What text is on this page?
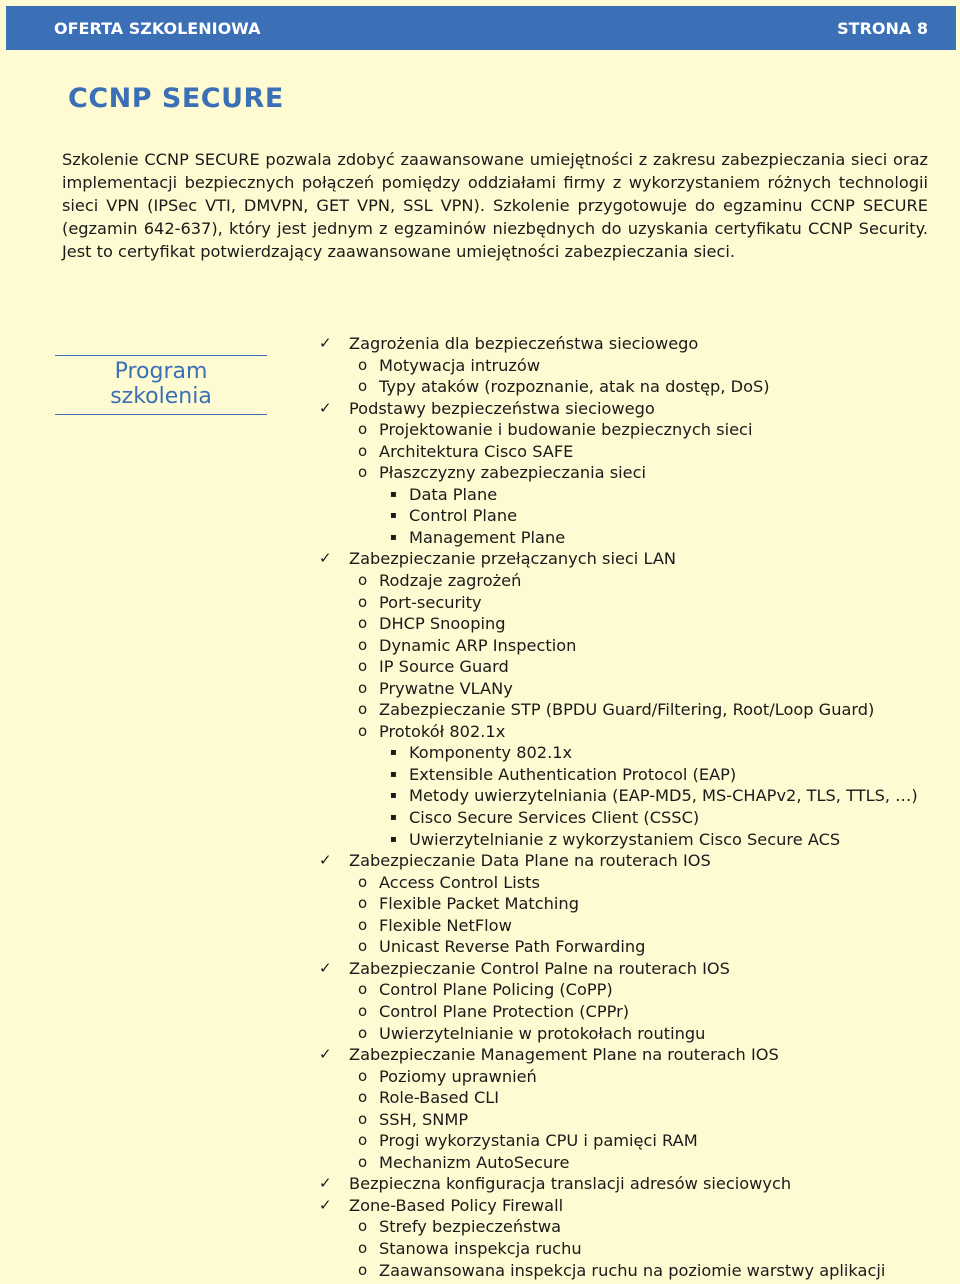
OFERTA SZKOLENIOWA	STRONA 8
CCNP SECURE

Szkolenie CCNP SECURE pozwala zdobyć zaawansowane umiejętności z zakresu zabezpieczania sieci oraz implementacji bezpiecznych połączeń pomiędzy oddziałami firmy z wykorzystaniem różnych technologii sieci VPN (IPSec VTI, DMVPN, GET VPN, SSL VPN). Szkolenie przygotowuje do egzaminu CCNP SECURE (egzamin 642-637), który jest jednym z egzaminów niezbędnych do uzyskania certyfikatu CCNP Security. Jest to certyfikat potwierdzający zaawansowane umiejętności zabezpieczania sieci.

Program
szkolenia
✓ Zagrożenia dla bezpieczeństwa sieciowego
o Motywacja intruzów
o Typy ataków (rozpoznanie, atak na dostęp, DoS)
✓ Podstawy bezpieczeństwa sieciowego
o Projektowanie i budowanie bezpiecznych sieci
o Architektura Cisco SAFE
o Płaszczyzny zabezpieczania sieci
▪ Data Plane
▪ Control Plane
▪ Management Plane
✓ Zabezpieczanie przełączanych sieci LAN
o Rodzaje zagrożeń
o Port-security
o DHCP Snooping
o Dynamic ARP Inspection
o IP Source Guard
o Prywatne VLANy
o Zabezpieczanie STP (BPDU Guard/Filtering, Root/Loop Guard)
o Protokół 802.1x
▪ Komponenty 802.1x
▪ Extensible Authentication Protocol (EAP)
▪ Metody uwierzytelniania (EAP-MD5, MS-CHAPv2, TLS, TTLS, …)
▪ Cisco Secure Services Client (CSSC)
▪ Uwierzytelnianie z wykorzystaniem Cisco Secure ACS
✓ Zabezpieczanie Data Plane na routerach IOS
o Access Control Lists
o Flexible Packet Matching
o Flexible NetFlow
o Unicast Reverse Path Forwarding
✓ Zabezpieczanie Control Palne na routerach IOS
o Control Plane Policing (CoPP)
o Control Plane Protection (CPPr)
o Uwierzytelnianie w protokołach routingu
✓ Zabezpieczanie Management Plane na routerach IOS
o Poziomy uprawnień
o Role-Based CLI
o SSH, SNMP
o Progi wykorzystania CPU i pamięci RAM
o Mechanizm AutoSecure
✓ Bezpieczna konfiguracja translacji adresów sieciowych
✓ Zone-Based Policy Firewall
o Strefy bezpieczeństwa
o Stanowa inspekcja ruchu
o Zaawansowana inspekcja ruchu na poziomie warstwy aplikacji
